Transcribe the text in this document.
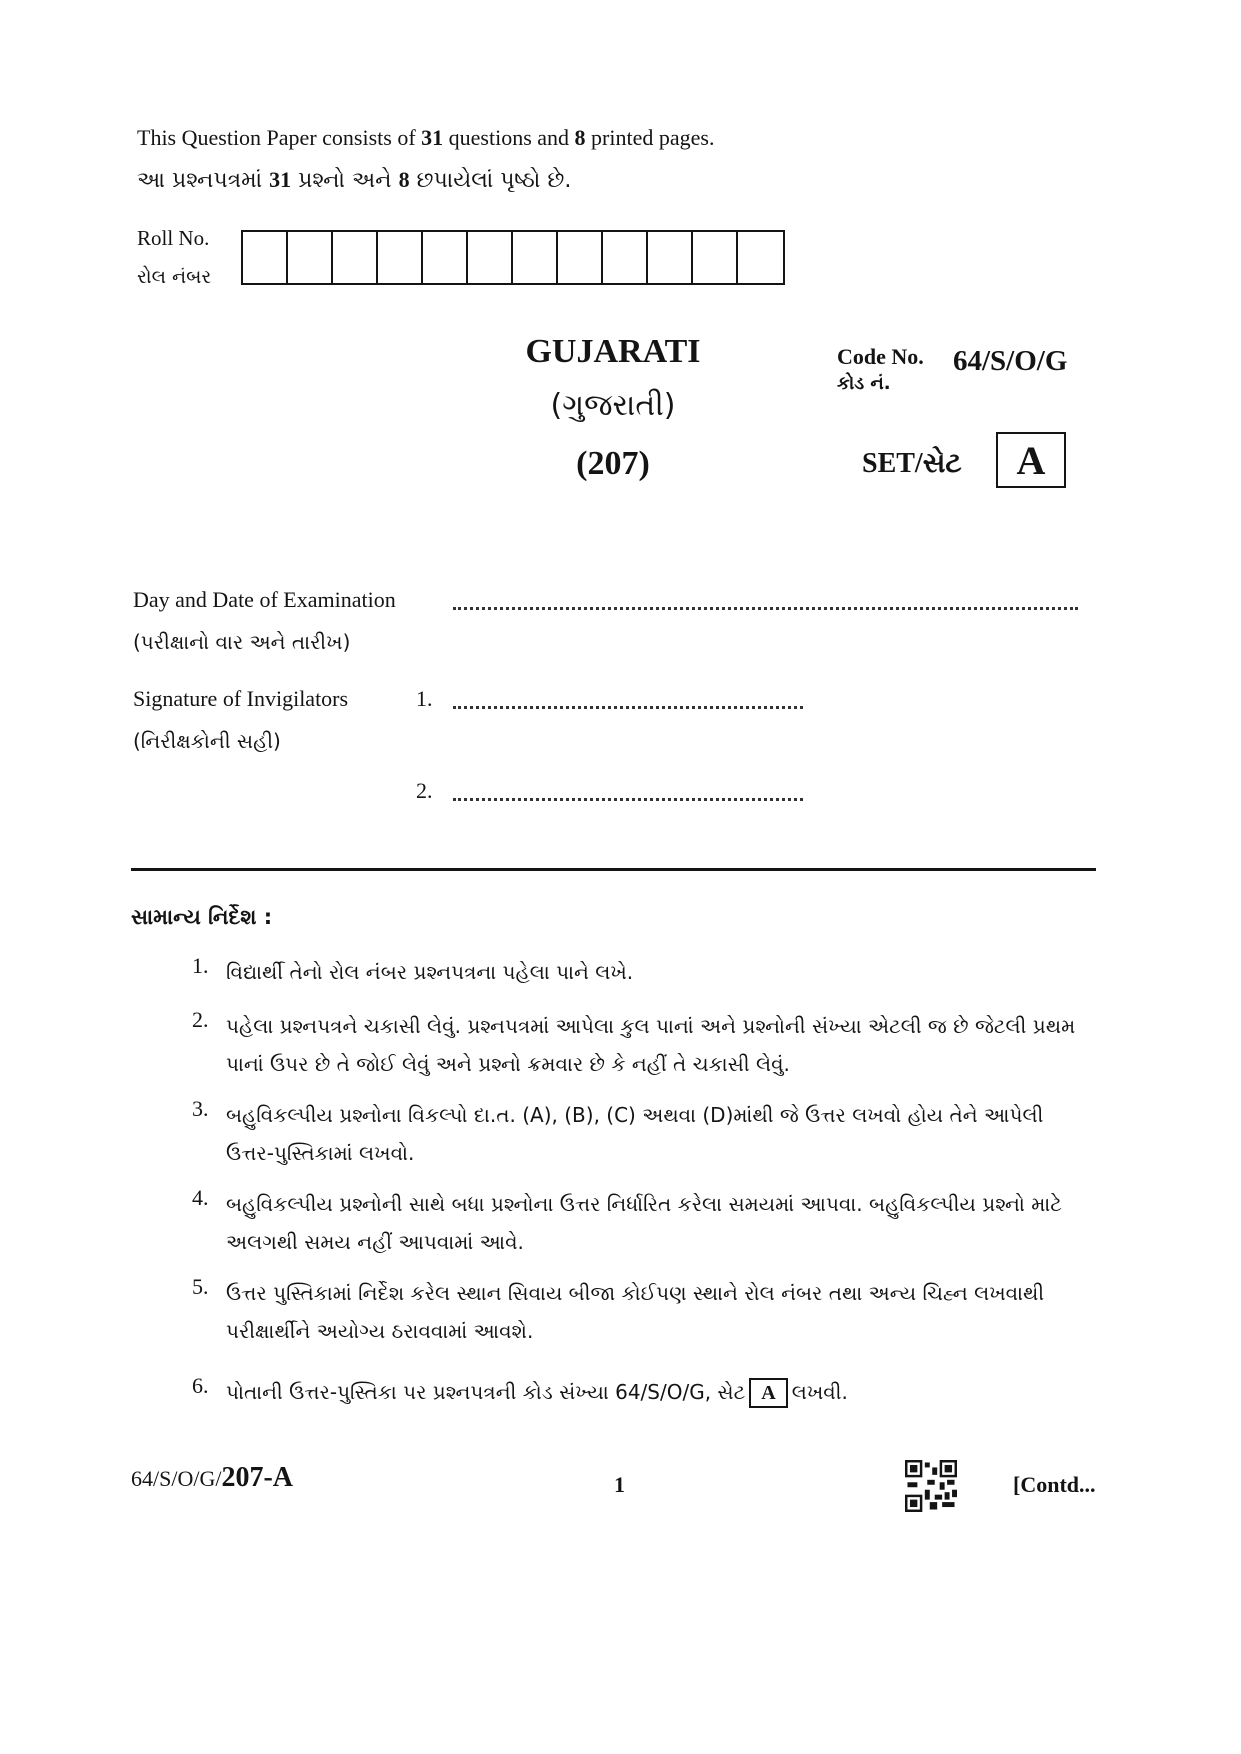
This Question Paper consists of 31 questions and 8 printed pages.
આ પ્રશ્નપત્રમાં 31 પ્રશ્નો અને 8 છપાયેલાં પૃષ્ઠો છે.
Roll No.
રોલ નંબર
GUJARATI
(ગુજરાતી)
(207)
Code No.
કોડ નં.
64/S/O/G
SET/સેટ	A
Day and Date of Examination
(પરીક્ષાનો વાર અને તારીખ)
Signature of Invigilators	1.
(નિરીક્ષકોની સહી)
2.
સામાન્ય નિર્દેશ :
1. વિદ્યાર્થી તેનો રોલ નંબર પ્રશ્નપત્રના પહેલા પાને લખે.
2. પહેલા પ્રશ્નપત્રને ચકાસી લેવું. પ્રશ્નપત્રમાં આપેલા કુલ પાનાં અને પ્રશ્નોની સંખ્યા એટલી જ છે જેટલી પ્રથમ પાનાં ઉપર છે તે જોઈ લેવું અને પ્રશ્નો ક્રમવાર છે કે નહીં તે ચકાસી લેવું.
3. બહુવિકલ્પીય પ્રશ્નોના વિકલ્પો દા.ત. (A), (B), (C) અથવા (D)માંથી જે ઉત્તર લખવો હોય તેને આપેલી ઉત્તર-પુસ્તિકામાં લખવો.
4. બહુવિકલ્પીય પ્રશ્નોની સાથે બધા પ્રશ્નોના ઉત્તર નિર્ધારિત કરેલા સમયમાં આપવા. બહુવિકલ્પીય પ્રશ્નો માટે અલગથી સમય નહીં આપવામાં આવે.
5. ઉત્તર પુસ્તિકામાં નિર્દેશ કરેલ સ્થાન સિવાય બીજા કોઈપણ સ્થાને રોલ નંબર તથા અન્ય ચિહ્ન લખવાથી પરીક્ષાર્થીને અયોગ્ય ઠરાવવામાં આવશે.
6. પોતાની ઉત્તર-પુસ્તિકા પર પ્રશ્નપત્રની કોડ સંખ્યા 64/S/O/G, સેટ A લખવી.
64/S/O/G/207-A	1	[Contd...
